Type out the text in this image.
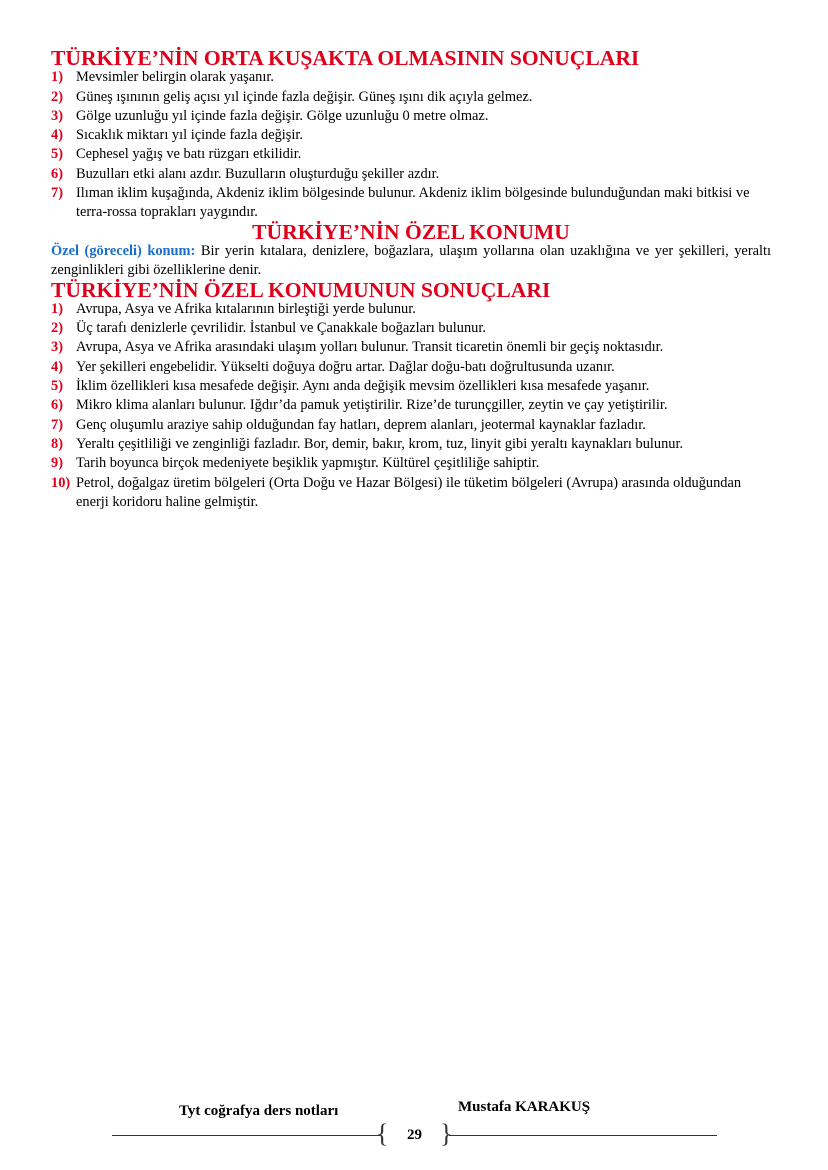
TÜRKİYE’NİN ORTA KUŞAKTA OLMASININ SONUÇLARI
1) Mevsimler belirgin olarak yaşanır.
2) Güneş ışınının geliş açısı yıl içinde fazla değişir. Güneş ışını dik açıyla gelmez.
3) Gölge uzunluğu yıl içinde fazla değişir. Gölge uzunluğu 0 metre olmaz.
4) Sıcaklık miktarı yıl içinde fazla değişir.
5) Cephesel yağış ve batı rüzgarı etkilidir.
6) Buzulları etki alanı azdır. Buzulların oluşturduğu şekiller azdır.
7) Ilıman iklim kuşağında, Akdeniz iklim bölgesinde bulunur. Akdeniz iklim bölgesinde bulunduğundan maki bitkisi ve terra-rossa toprakları yaygındır.
TÜRKİYE’NİN ÖZEL KONUMU

Özel (göreceli) konum: Bir yerin kıtalara, denizlere, boğazlara, ulaşım yollarına olan uzaklığına ve yer şekilleri, yeraltı zenginlikleri gibi özelliklerine denir.

TÜRKİYE’NİN ÖZEL KONUMUNUN SONUÇLARI
1) Avrupa, Asya ve Afrika kıtalarının birleştiği yerde bulunur.
2) Üç tarafı denizlerle çevrilidir. İstanbul ve Çanakkale boğazları bulunur.
3) Avrupa, Asya ve Afrika arasındaki ulaşım yolları bulunur. Transit ticaretin önemli bir geçiş noktasıdır.
4) Yer şekilleri engebelidir. Yükselti doğuya doğru artar. Dağlar doğu-batı doğrultusunda uzanır.
5) İklim özellikleri kısa mesafede değişir. Aynı anda değişik mevsim özellikleri kısa mesafede yaşanır.
6) Mikro klima alanları bulunur. Iğdır’da pamuk yetiştirilir. Rize’de turunçgiller, zeytin ve çay yetiştirilir.
7) Genç oluşumlu araziye sahip olduğundan fay hatları, deprem alanları, jeotermal kaynaklar fazladır.
8) Yeraltı çeşitliliği ve zenginliği fazladır. Bor, demir, bakır, krom, tuz, linyit gibi yeraltı kaynakları bulunur.
9) Tarih boyunca birçok medeniyete beşiklik yapmıştır. Kültürel çeşitliliğe sahiptir.
10) Petrol, doğalgaz üretim bölgeleri (Orta Doğu ve Hazar Bölgesi) ile tüketim bölgeleri (Avrupa) arasında olduğundan enerji koridoru haline gelmiştir.
Tyt coğrafya ders notları	Mustafa KARAKUŞ
{ }
29
